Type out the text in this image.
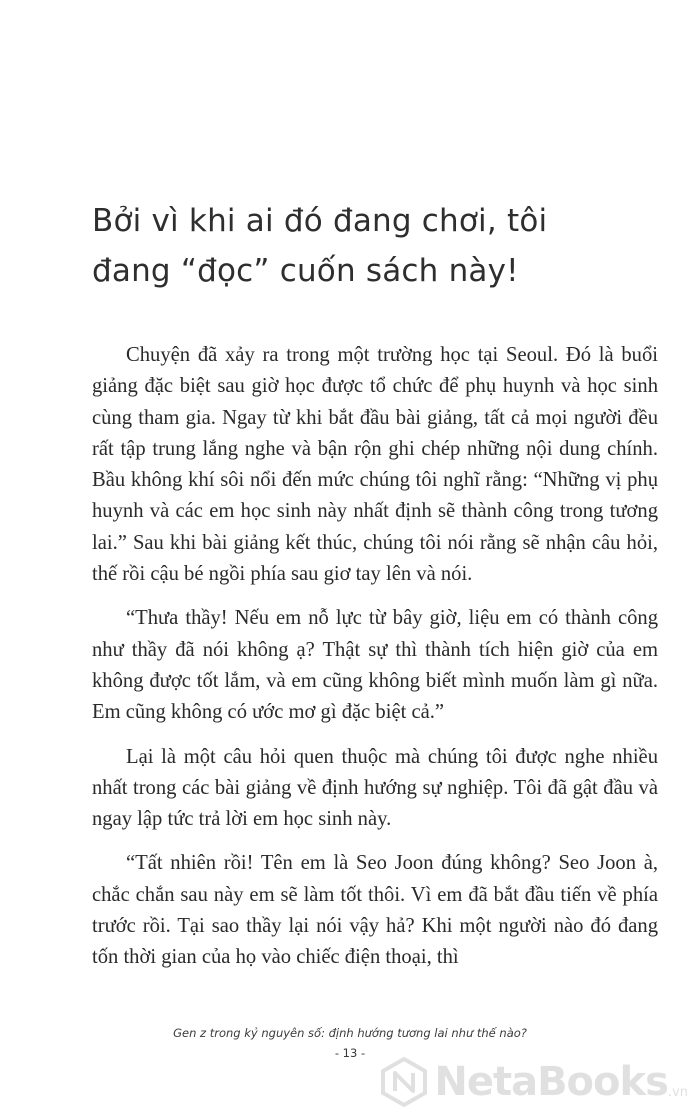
Bởi vì khi ai đó đang chơi, tôi
đang “đọc” cuốn sách này!

Chuyện đã xảy ra trong một trường học tại Seoul. Đó là buổi giảng đặc biệt sau giờ học được tổ chức để phụ huynh và học sinh cùng tham gia. Ngay từ khi bắt đầu bài giảng, tất cả mọi người đều rất tập trung lắng nghe và bận rộn ghi chép những nội dung chính. Bầu không khí sôi nổi đến mức chúng tôi nghĩ rằng: “Những vị phụ huynh và các em học sinh này nhất định sẽ thành công trong tương lai.” Sau khi bài giảng kết thúc, chúng tôi nói rằng sẽ nhận câu hỏi, thế rồi cậu bé ngồi phía sau giơ tay lên và nói.

“Thưa thầy! Nếu em nỗ lực từ bây giờ, liệu em có thành công như thầy đã nói không ạ? Thật sự thì thành tích hiện giờ của em không được tốt lắm, và em cũng không biết mình muốn làm gì nữa. Em cũng không có ước mơ gì đặc biệt cả.”

Lại là một câu hỏi quen thuộc mà chúng tôi được nghe nhiều nhất trong các bài giảng về định hướng sự nghiệp. Tôi đã gật đầu và ngay lập tức trả lời em học sinh này.

“Tất nhiên rồi! Tên em là Seo Joon đúng không? Seo Joon à, chắc chắn sau này em sẽ làm tốt thôi. Vì em đã bắt đầu tiến về phía trước rồi. Tại sao thầy lại nói vậy hả? Khi một người nào đó đang tốn thời gian của họ vào chiếc điện thoại, thì

Gen z trong kỷ nguyên số: định hướng tương lai như thế nào?
- 13 -
NetaBooks .vn
